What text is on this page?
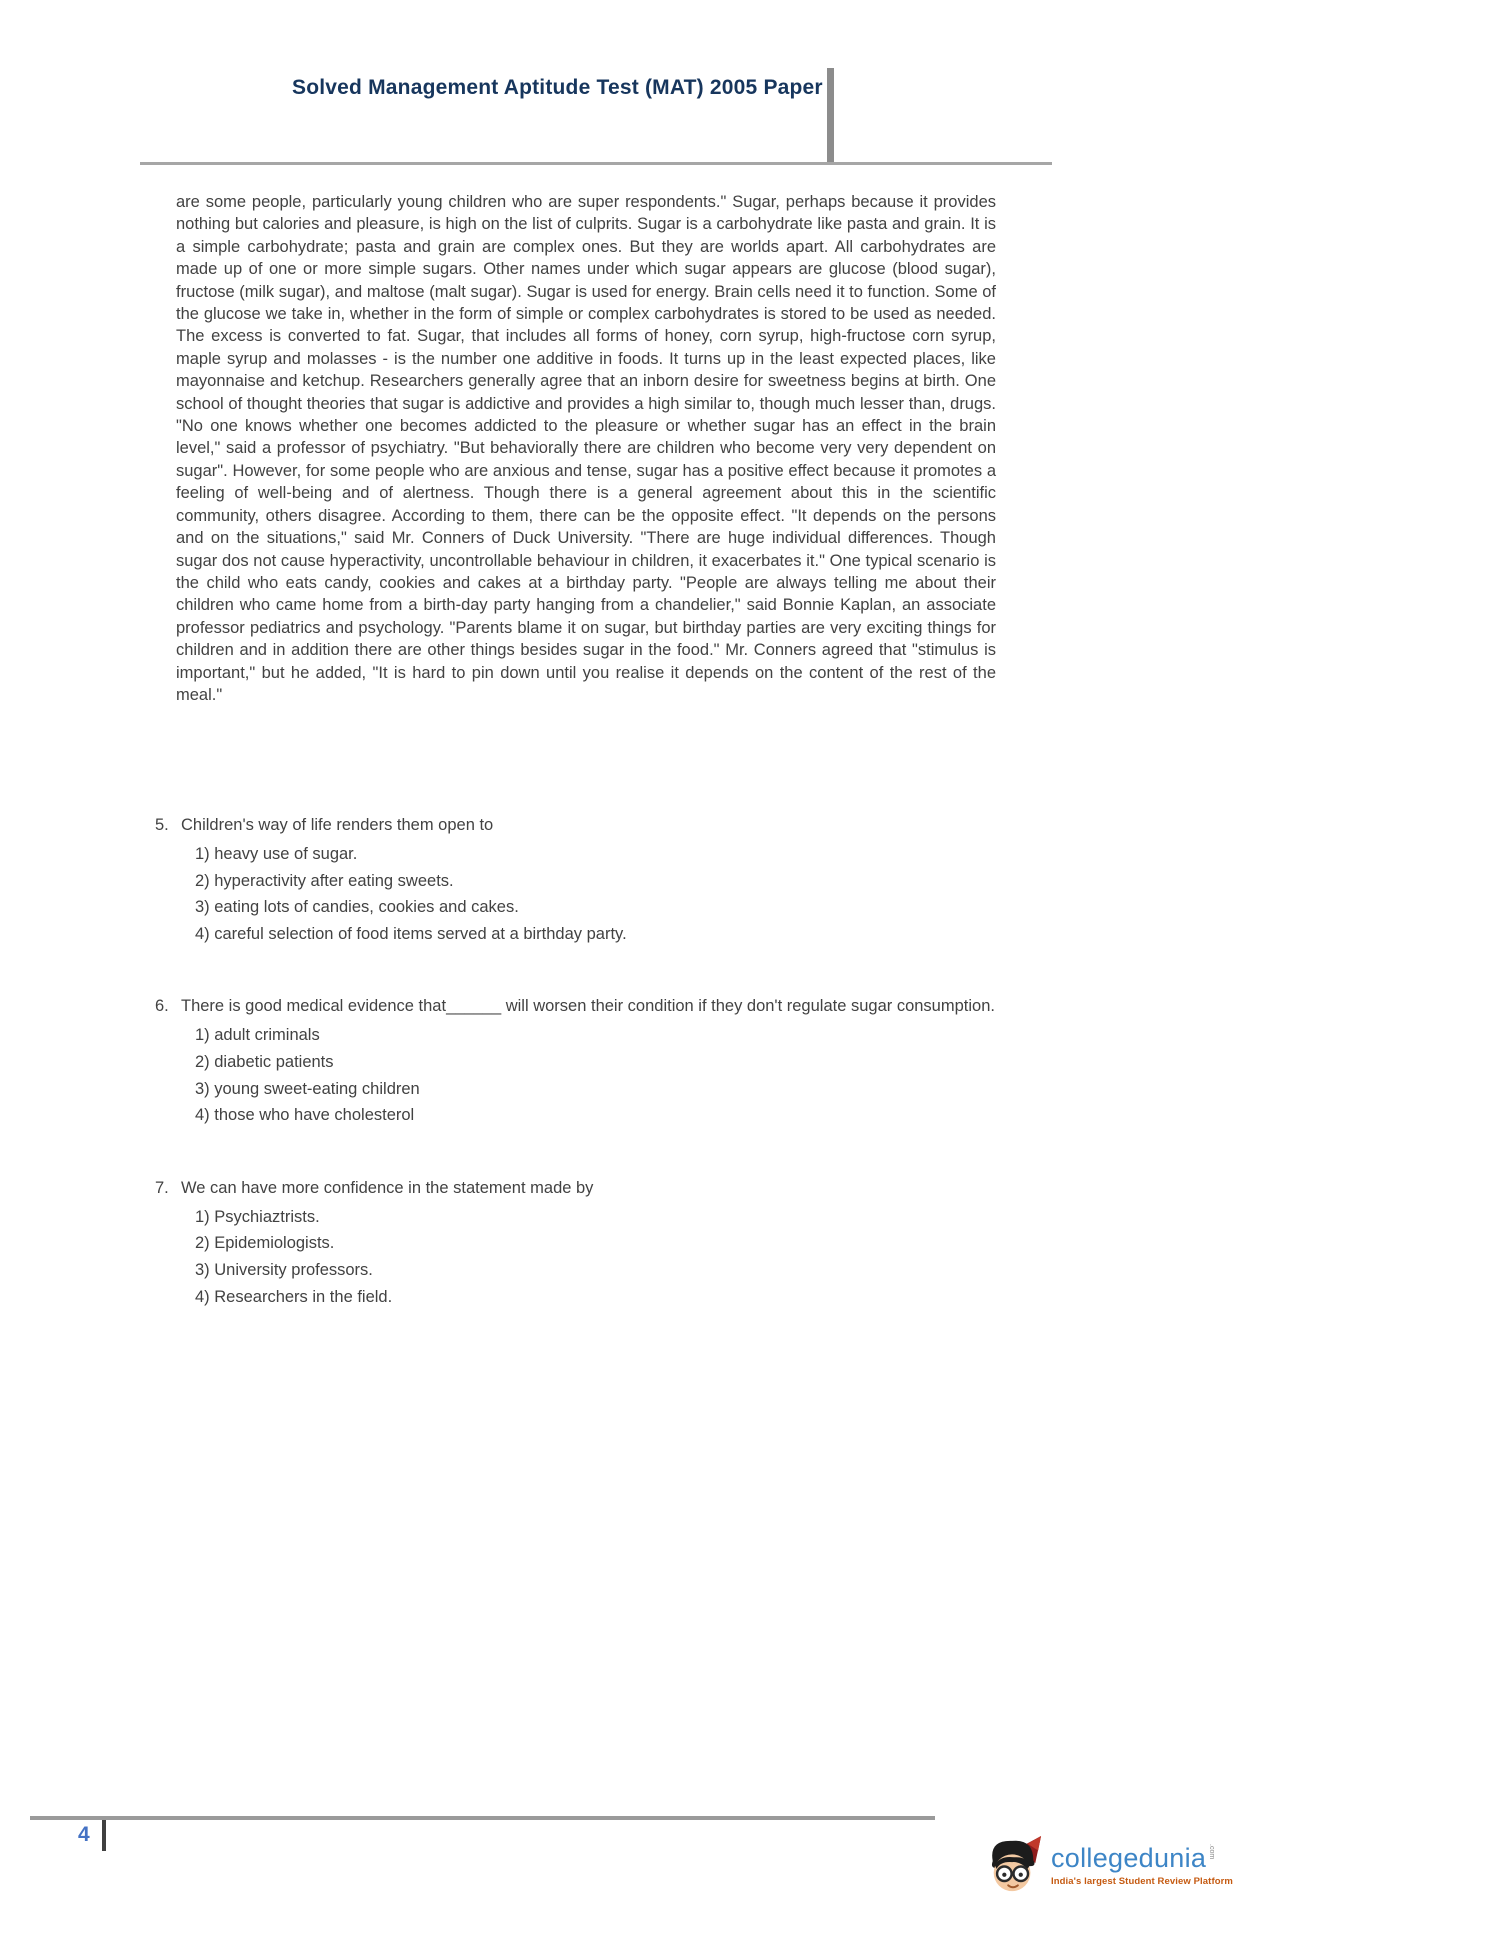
Solved Management Aptitude Test (MAT) 2005 Paper

are some people, particularly young children who are super respondents." Sugar, perhaps because it provides nothing but calories and pleasure, is high on the list of culprits. Sugar is a carbohydrate like pasta and grain. It is a simple carbohydrate; pasta and grain are complex ones. But they are worlds apart. All carbohydrates are made up of one or more simple sugars. Other names under which sugar appears are glucose (blood sugar), fructose (milk sugar), and maltose (malt sugar). Sugar is used for energy. Brain cells need it to function. Some of the glucose we take in, whether in the form of simple or complex carbohydrates is stored to be used as needed. The excess is converted to fat. Sugar, that includes all forms of honey, corn syrup, high-fructose corn syrup, maple syrup and molasses - is the number one additive in foods. It turns up in the least expected places, like mayonnaise and ketchup. Researchers generally agree that an inborn desire for sweetness begins at birth. One school of thought theories that sugar is addictive and provides a high similar to, though much lesser than, drugs. "No one knows whether one becomes addicted to the pleasure or whether sugar has an effect in the brain level," said a professor of psychiatry. "But behaviorally there are children who become very very dependent on sugar". However, for some people who are anxious and tense, sugar has a positive effect because it promotes a feeling of well-being and of alertness. Though there is a general agreement about this in the scientific community, others disagree. According to them, there can be the opposite effect. "It depends on the persons and on the situations," said Mr. Conners of Duck University. "There are huge individual differences. Though sugar dos not cause hyperactivity, uncontrollable behaviour in children, it exacerbates it." One typical scenario is the child who eats candy, cookies and cakes at a birthday party. "People are always telling me about their children who came home from a birth-day party hanging from a chandelier," said Bonnie Kaplan, an associate professor pediatrics and psychology. "Parents blame it on sugar, but birthday parties are very exciting things for children and in addition there are other things besides sugar in the food." Mr. Conners agreed that "stimulus is important," but he added, "It is hard to pin down until you realise it depends on the content of the rest of the meal."

5. Children's way of life renders them open to
1) heavy use of sugar.
2) hyperactivity after eating sweets.
3) eating lots of candies, cookies and cakes.
4) careful selection of food items served at a birthday party.
6. There is good medical evidence that______ will worsen their condition if they don't regulate sugar consumption.
1) adult criminals
2) diabetic patients
3) young sweet-eating children
4) those who have cholesterol
7. We can have more confidence in the statement made by
1) Psychiaztrists.
2) Epidemiologists.
3) University professors.
4) Researchers in the field.
4
collegedunia .com
India's largest Student Review Platform
